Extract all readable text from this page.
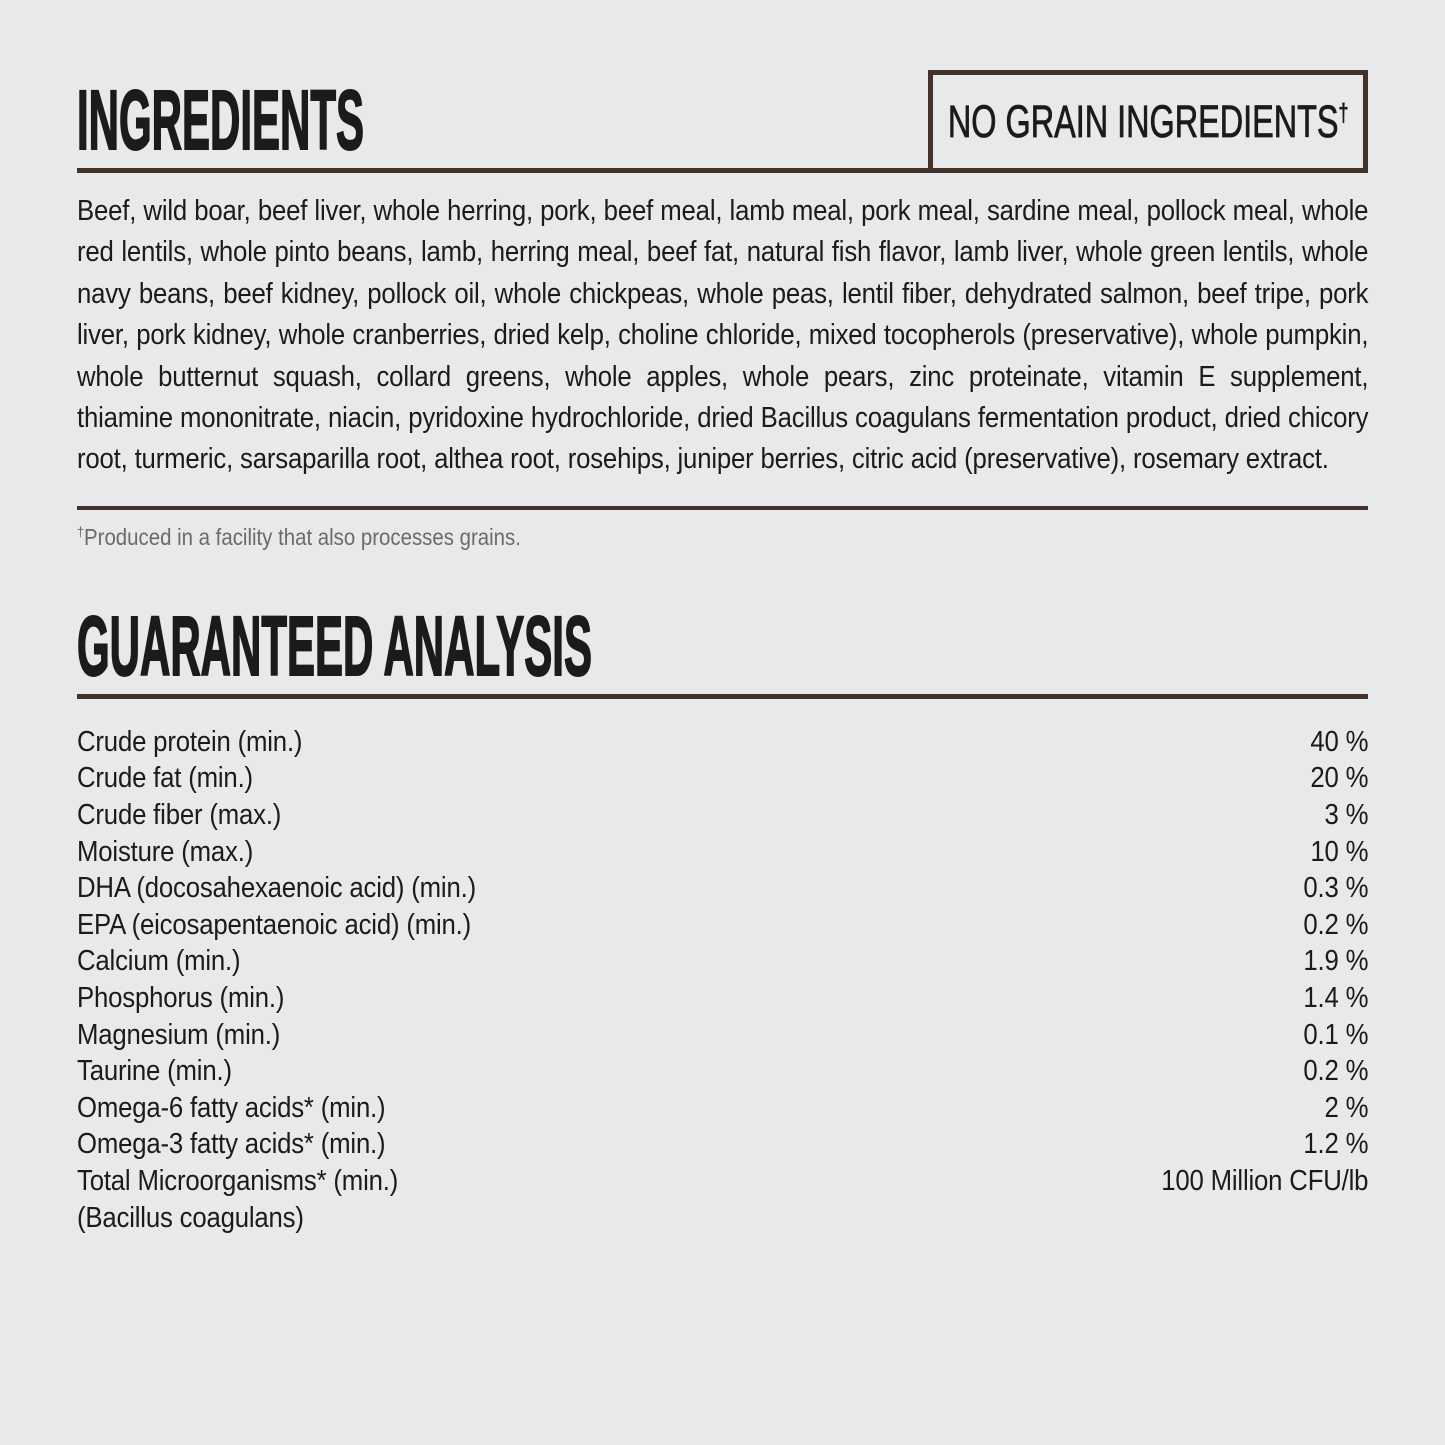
INGREDIENTS	NO GRAIN INGREDIENTS†

Beef, wild boar, beef liver, whole herring, pork, beef meal, lamb meal, pork meal, sardine meal, pollock meal, whole red lentils, whole pinto beans, lamb, herring meal, beef fat, natural fish flavor, lamb liver, whole green lentils, whole navy beans, beef kidney, pollock oil, whole chickpeas, whole peas, lentil fiber, dehydrated salmon, beef tripe, pork liver, pork kidney, whole cranberries, dried kelp, choline chloride, mixed tocopherols (preservative), whole pumpkin, whole butternut squash, collard greens, whole apples, whole pears, zinc proteinate, vitamin E supplement, thiamine mononitrate, niacin, pyridoxine hydrochloride, dried Bacillus coagulans fermentation product, dried chicory root, turmeric, sarsaparilla root, althea root, rosehips, juniper berries, citric acid (preservative), rosemary extract.

†Produced in a facility that also processes grains.

GUARANTEED ANALYSIS
Crude protein (min.)	40 %
Crude fat (min.)	20 %
Crude fiber (max.)	3 %
Moisture (max.)	10 %
DHA (docosahexaenoic acid) (min.)	0.3 %
EPA (eicosapentaenoic acid) (min.)	0.2 %
Calcium (min.)	1.9 %
Phosphorus (min.)	1.4 %
Magnesium (min.)	0.1 %
Taurine (min.)	0.2 %
Omega-6 fatty acids* (min.)	2 %
Omega-3 fatty acids* (min.)	1.2 %
Total Microorganisms* (min.)	100 Million CFU/lb
(Bacillus coagulans)
